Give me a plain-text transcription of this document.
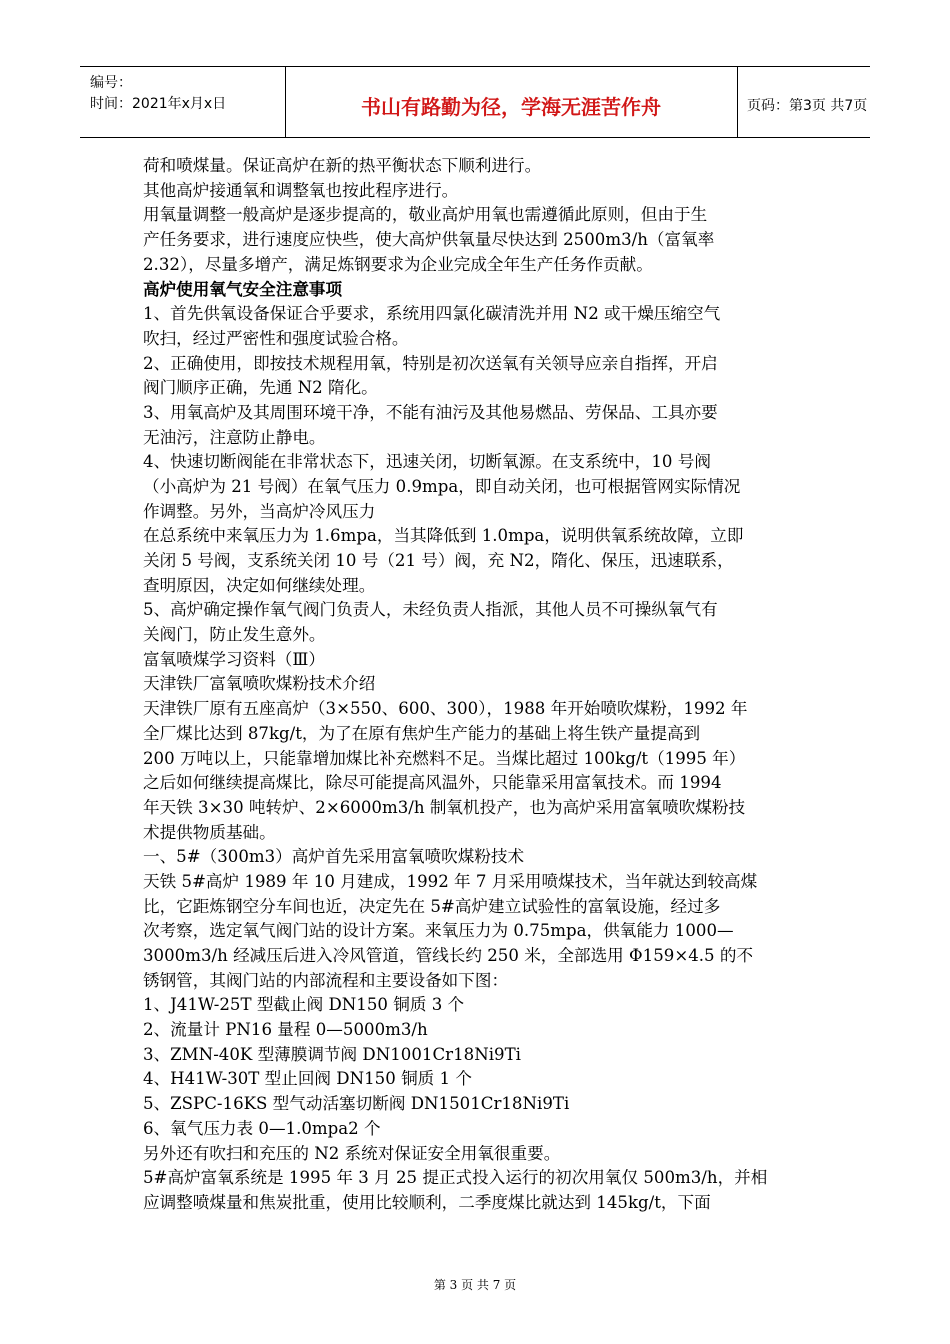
编号：
时间：2021年x月x日	书山有路勤为径，学海无涯苦作舟	页码：第3页 共7页
荷和喷煤量。保证高炉在新的热平衡状态下顺利进行。
其他高炉接通氧和调整氧也按此程序进行。
用氧量调整一般高炉是逐步提高的，敬业高炉用氧也需遵循此原则，但由于生
产任务要求，进行速度应快些，使大高炉供氧量尽快达到 2500m3/h（富氧率
2.32），尽量多增产，满足炼钢要求为企业完成全年生产任务作贡献。
高炉使用氧气安全注意事项
1、首先供氧设备保证合乎要求，系统用四氯化碳清洗并用 N2 或干燥压缩空气
吹扫，经过严密性和强度试验合格。
2、正确使用，即按技术规程用氧，特别是初次送氧有关领导应亲自指挥，开启
阀门顺序正确，先通 N2 隋化。
3、用氧高炉及其周围环境干净，不能有油污及其他易燃品、劳保品、工具亦要
无油污，注意防止静电。
4、快速切断阀能在非常状态下，迅速关闭，切断氧源。在支系统中，10 号阀
（小高炉为 21 号阀）在氧气压力 0.9mpa，即自动关闭，也可根据管网实际情况
作调整。另外，当高炉冷风压力
在总系统中来氧压力为 1.6mpa，当其降低到 1.0mpa，说明供氧系统故障，立即
关闭 5 号阀，支系统关闭 10 号（21 号）阀，充 N2，隋化、保压，迅速联系，
查明原因，决定如何继续处理。
5、高炉确定操作氧气阀门负责人，未经负责人指派，其他人员不可操纵氧气有
关阀门，防止发生意外。
富氧喷煤学习资料（Ⅲ）
天津铁厂富氧喷吹煤粉技术介绍
天津铁厂原有五座高炉（3×550、600、300），1988 年开始喷吹煤粉，1992 年
全厂煤比达到 87kg/t，为了在原有焦炉生产能力的基础上将生铁产量提高到
200 万吨以上，只能靠增加煤比补充燃料不足。当煤比超过 100kg/t（1995 年）
之后如何继续提高煤比，除尽可能提高风温外，只能靠采用富氧技术。而 1994
年天铁 3×30 吨转炉、2×6000m3/h 制氧机投产，也为高炉采用富氧喷吹煤粉技
术提供物质基础。
一、5#（300m3）高炉首先采用富氧喷吹煤粉技术
天铁 5#高炉 1989 年 10 月建成，1992 年 7 月采用喷煤技术，当年就达到较高煤
比，它距炼钢空分车间也近，决定先在 5#高炉建立试验性的富氧设施，经过多
次考察，选定氧气阀门站的设计方案。来氧压力为 0.75mpa，供氧能力 1000—
3000m3/h 经减压后进入冷风管道，管线长约 250 米，全部选用 Φ159×4.5 的不
锈钢管，其阀门站的内部流程和主要设备如下图：
1、J41W-25T 型截止阀 DN150 铜质 3 个
2、流量计 PN16 量程 0—5000m3/h
3、ZMN-40K 型薄膜调节阀 DN1001Cr18Ni9Ti
4、H41W-30T 型止回阀 DN150 铜质 1 个
5、ZSPC-16KS 型气动活塞切断阀 DN1501Cr18Ni9Ti
6、氧气压力表 0—1.0mpa2 个
另外还有吹扫和充压的 N2 系统对保证安全用氧很重要。
5#高炉富氧系统是 1995 年 3 月 25 提正式投入运行的初次用氧仅 500m3/h，并相
应调整喷煤量和焦炭批重，使用比较顺利，二季度煤比就达到 145kg/t，下面
第 3 页 共 7 页
